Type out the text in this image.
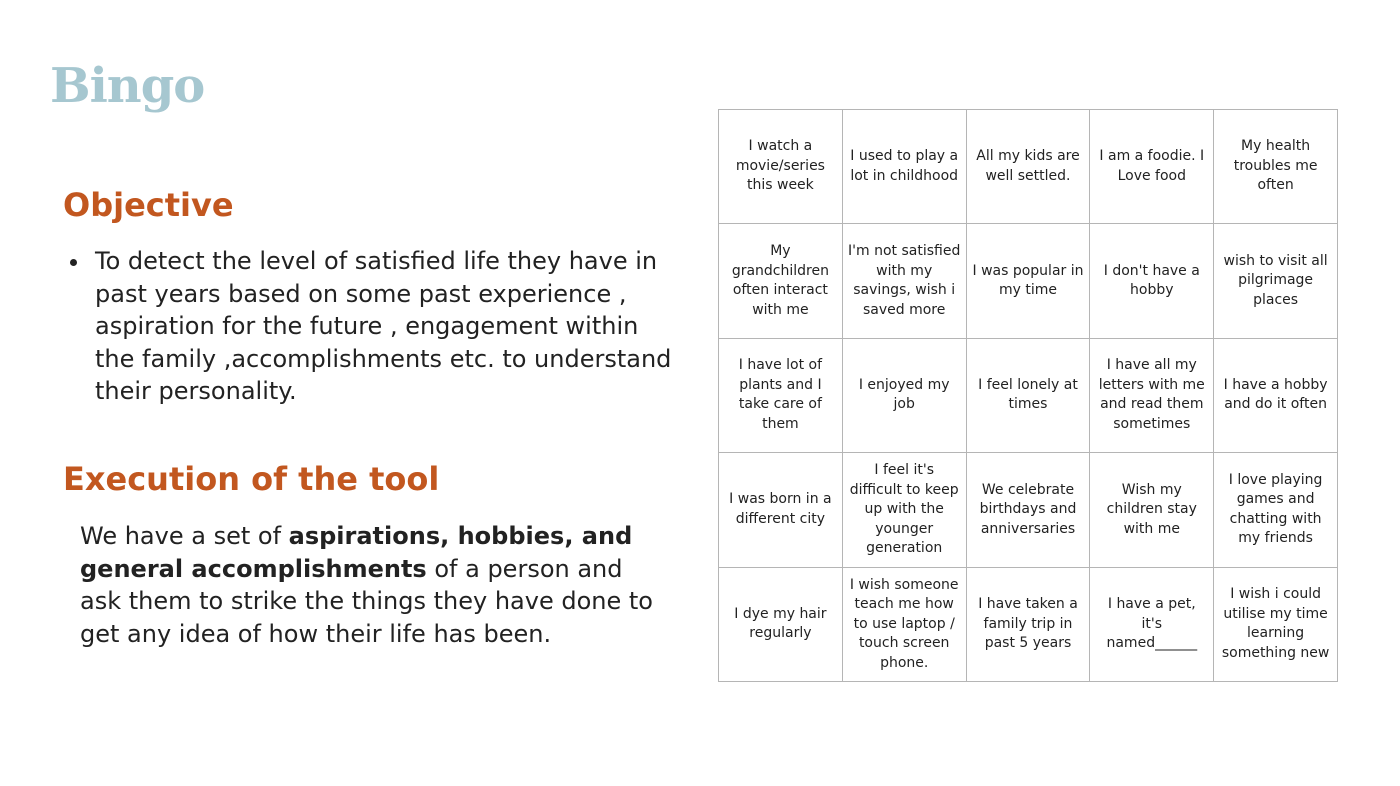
Bingo
Objective
To detect the level of satisfied life they have in past years based on some past experience , aspiration for the future , engagement within the family ,accomplishments etc. to understand their personality.
Execution of the tool

We have a set of aspirations, hobbies, and general accomplishments of a person and ask them to strike the things they have done to get any idea of how their life has been.

I watch a movie/series this week
I used to play a lot in childhood
All my kids are well settled.
I am a foodie. I Love food
My health troubles me often
My grandchildren often interact with me
I'm not satisfied with my savings, wish i saved more
I was popular in my time
I don't have a hobby
wish to visit all pilgrimage places
I have lot of plants and I take care of them
I enjoyed my job
I feel lonely at times
I have all my letters with me and read them sometimes
I have a hobby and do it often
I was born in a different city
I feel it's difficult to keep up with the younger generation
We celebrate birthdays and anniversaries
Wish my children stay with me
I love playing games and chatting with my friends
I dye my hair regularly
I wish someone teach me how to use laptop / touch screen phone.
I have taken a family trip in past 5 years
I have a pet, it's named______
I wish i could utilise my time learning something new
